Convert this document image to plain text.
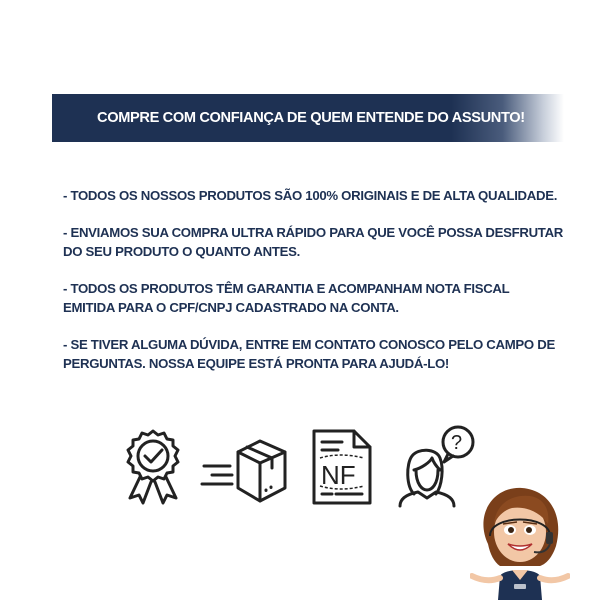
COMPRE COM CONFIANÇA DE QUEM ENTENDE DO ASSUNTO!
- TODOS OS NOSSOS PRODUTOS SÃO 100% ORIGINAIS E DE ALTA QUALIDADE.
- ENVIAMOS SUA COMPRA ULTRA RÁPIDO PARA QUE VOCÊ POSSA DESFRUTAR
DO SEU PRODUTO O QUANTO ANTES.
- TODOS OS PRODUTOS TÊM GARANTIA E ACOMPANHAM NOTA FISCAL
EMITIDA PARA O CPF/CNPJ CADASTRADO NA CONTA.
- SE TIVER ALGUMA DÚVIDA, ENTRE EM CONTATO CONOSCO PELO CAMPO DE
PERGUNTAS. NOSSA EQUIPE ESTÁ PRONTA PARA AJUDÁ-LO!
NF
?
